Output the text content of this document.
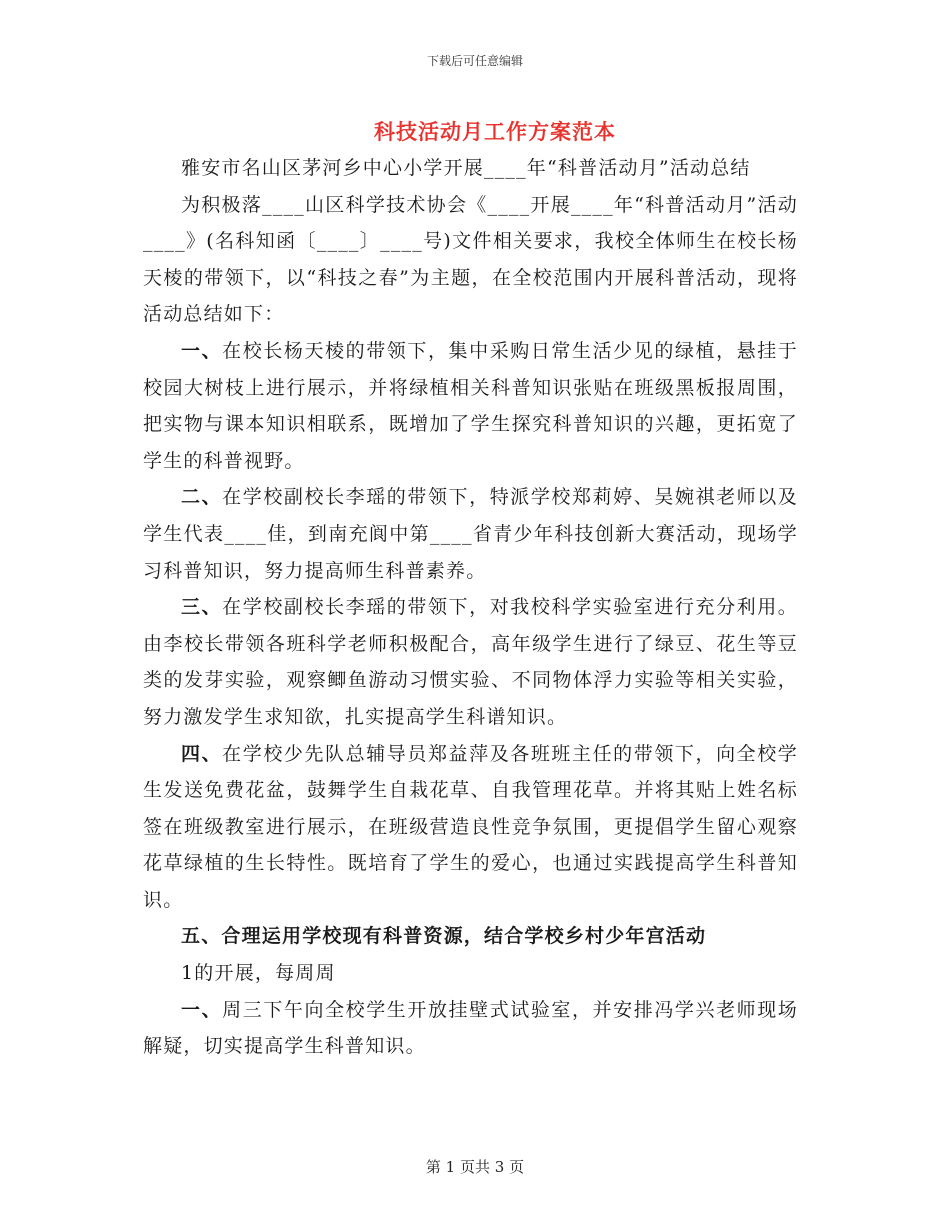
下载后可任意编辑
科技活动月工作方案范本

雅安市名山区茅河乡中心小学开展____年“科普活动月”活动总结

为积极落____山区科学技术协会《____开展____年“科普活动月”活动____》(名科知函〔____〕____号)文件相关要求，我校全体师生在校长杨天棱的带领下，以“科技之春”为主题，在全校范围内开展科普活动，现将活动总结如下：

一、在校长杨天棱的带领下，集中采购日常生活少见的绿植，悬挂于校园大树枝上进行展示，并将绿植相关科普知识张贴在班级黑板报周围，把实物与课本知识相联系，既增加了学生探究科普知识的兴趣，更拓宽了学生的科普视野。

二、在学校副校长李瑶的带领下，特派学校郑莉婷、吴婉祺老师以及学生代表____佳，到南充阆中第____省青少年科技创新大赛活动，现场学习科普知识，努力提高师生科普素养。

三、在学校副校长李瑶的带领下，对我校科学实验室进行充分利用。由李校长带领各班科学老师积极配合，高年级学生进行了绿豆、花生等豆类的发芽实验，观察鲫鱼游动习惯实验、不同物体浮力实验等相关实验，努力激发学生求知欲，扎实提高学生科谱知识。

四、在学校少先队总辅导员郑益萍及各班班主任的带领下，向全校学生发送免费花盆，鼓舞学生自栽花草、自我管理花草。并将其贴上姓名标签在班级教室进行展示，在班级营造良性竞争氛围，更提倡学生留心观察花草绿植的生长特性。既培育了学生的爱心，也通过实践提高学生科普知识。

五、合理运用学校现有科普资源，结合学校乡村少年宫活动

1的开展，每周周

一、周三下午向全校学生开放挂壁式试验室，并安排冯学兴老师现场解疑，切实提高学生科普知识。

第 1 页共 3 页
